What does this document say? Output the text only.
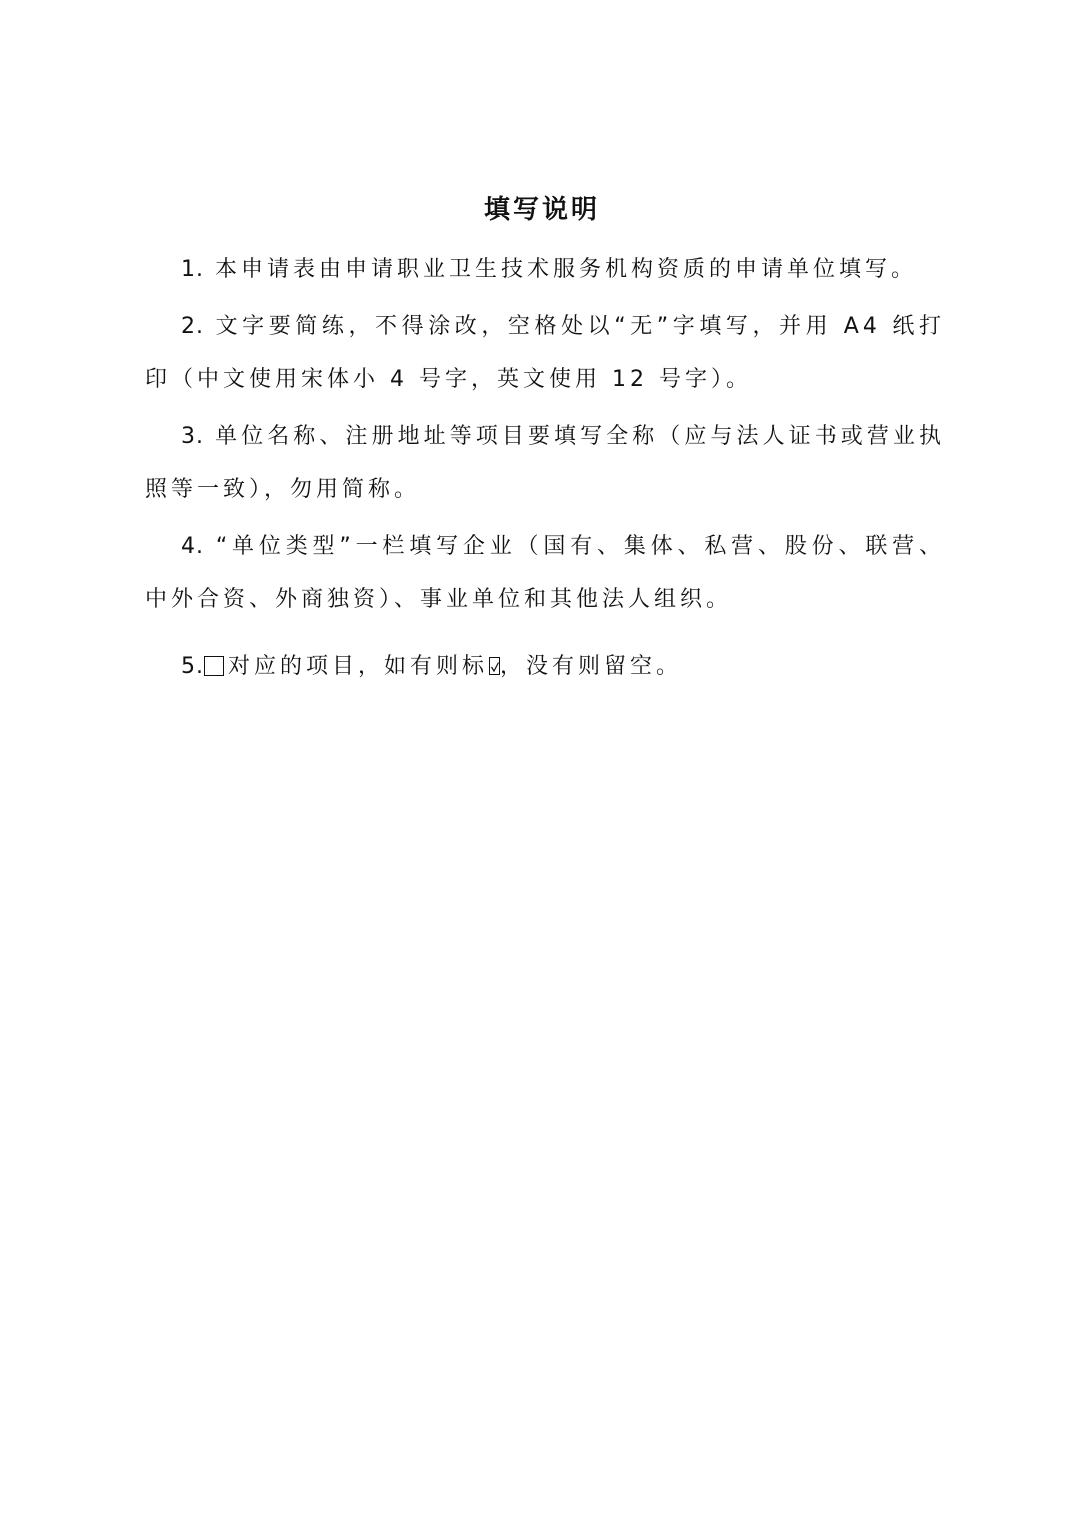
填写说明

1. 本申请表由申请职业卫生技术服务机构资质的申请单位填写。

2. 文字要简练，不得涂改，空格处以“无”字填写，并用 A4 纸打印（中文使用宋体小 4 号字，英文使用 12 号字）。

3. 单位名称、注册地址等项目要填写全称（应与法人证书或营业执照等一致），勿用简称。

4. “单位类型”一栏填写企业（国有、集体、私营、股份、联营、中外合资、外商独资）、事业单位和其他法人组织。

5. 对应的项目，如有则标 ，没有则留空。
